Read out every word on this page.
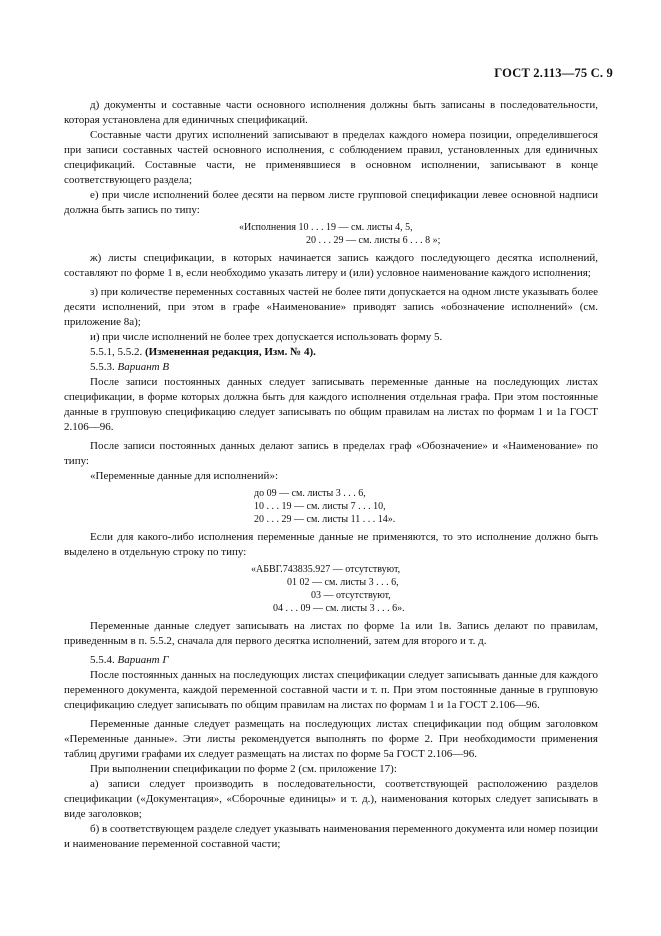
ГОСТ 2.113—75 С. 9

д) документы и составные части основного исполнения должны быть записаны в последовательности, которая установлена для единичных спецификаций.

Составные части других исполнений записывают в пределах каждого номера позиции, определившегося при записи составных частей основного исполнения, с соблюдением правил, установленных для единичных спецификаций. Составные части, не применявшиеся в основном исполнении, записывают в конце соответствующего раздела;

е) при числе исполнений более десяти на первом листе групповой спецификации левее основной надписи должна быть запись по типу:

«Исполнения 10 . . . 19 — см. листы 4, 5,
20 . . . 29 — см. листы 6 . . . 8 »;

ж) листы спецификации, в которых начинается запись каждого последующего десятка исполнений, составляют по форме 1 в, если необходимо указать литеру и (или) условное наименование каждого исполнения;

з) при количестве переменных составных частей не более пяти допускается на одном листе указывать более десяти исполнений, при этом в графе «Наименование» приводят запись «обозначение исполнений» (см. приложение 8а);

и) при числе исполнений не более трех допускается использовать форму 5.

5.5.1, 5.5.2. (Измененная редакция, Изм. № 4).

5.5.3. Вариант В

После записи постоянных данных следует записывать переменные данные на последующих листах спецификации, в форме которых должна быть для каждого исполнения отдельная графа. При этом постоянные данные в групповую спецификацию следует записывать по общим правилам на листах по формам 1 и 1а ГОСТ 2.106—96.

После записи постоянных данных делают запись в пределах граф «Обозначение» и «Наименование» по типу:

«Переменные данные для исполнений»:

до 09 — см. листы 3 . . . 6,
10 . . . 19 — см. листы 7 . . . 10,
20 . . . 29 — см. листы 11 . . . 14».

Если для какого-либо исполнения переменные данные не применяются, то это исполнение должно быть выделено в отдельную строку по типу:

«АБВГ.743835.927 — отсутствуют,
01 02 — см. листы 3 . . . 6,
03 — отсутствуют,
04 . . . 09 — см. листы 3 . . . 6».

Переменные данные следует записывать на листах по форме 1а или 1в. Запись делают по правилам, приведенным в п. 5.5.2, сначала для первого десятка исполнений, затем для второго и т. д.

5.5.4. Вариант Г

После постоянных данных на последующих листах спецификации следует записывать данные для каждого переменного документа, каждой переменной составной части и т. п. При этом постоянные данные в групповую спецификацию следует записывать по общим правилам на листах по формам 1 и 1а ГОСТ 2.106—96.

Переменные данные следует размещать на последующих листах спецификации под общим заголовком «Переменные данные». Эти листы рекомендуется выполнять по форме 2. При необходимости применения таблиц другими графами их следует размещать на листах по форме 5а ГОСТ 2.106—96.

При выполнении спецификации по форме 2 (см. приложение 17):

а) записи следует производить в последовательности, соответствующей расположению разделов спецификации («Документация», «Сборочные единицы» и т. д.), наименования которых следует записывать в виде заголовков;

б) в соответствующем разделе следует указывать наименования переменного документа или номер позиции и наименование переменной составной части;
